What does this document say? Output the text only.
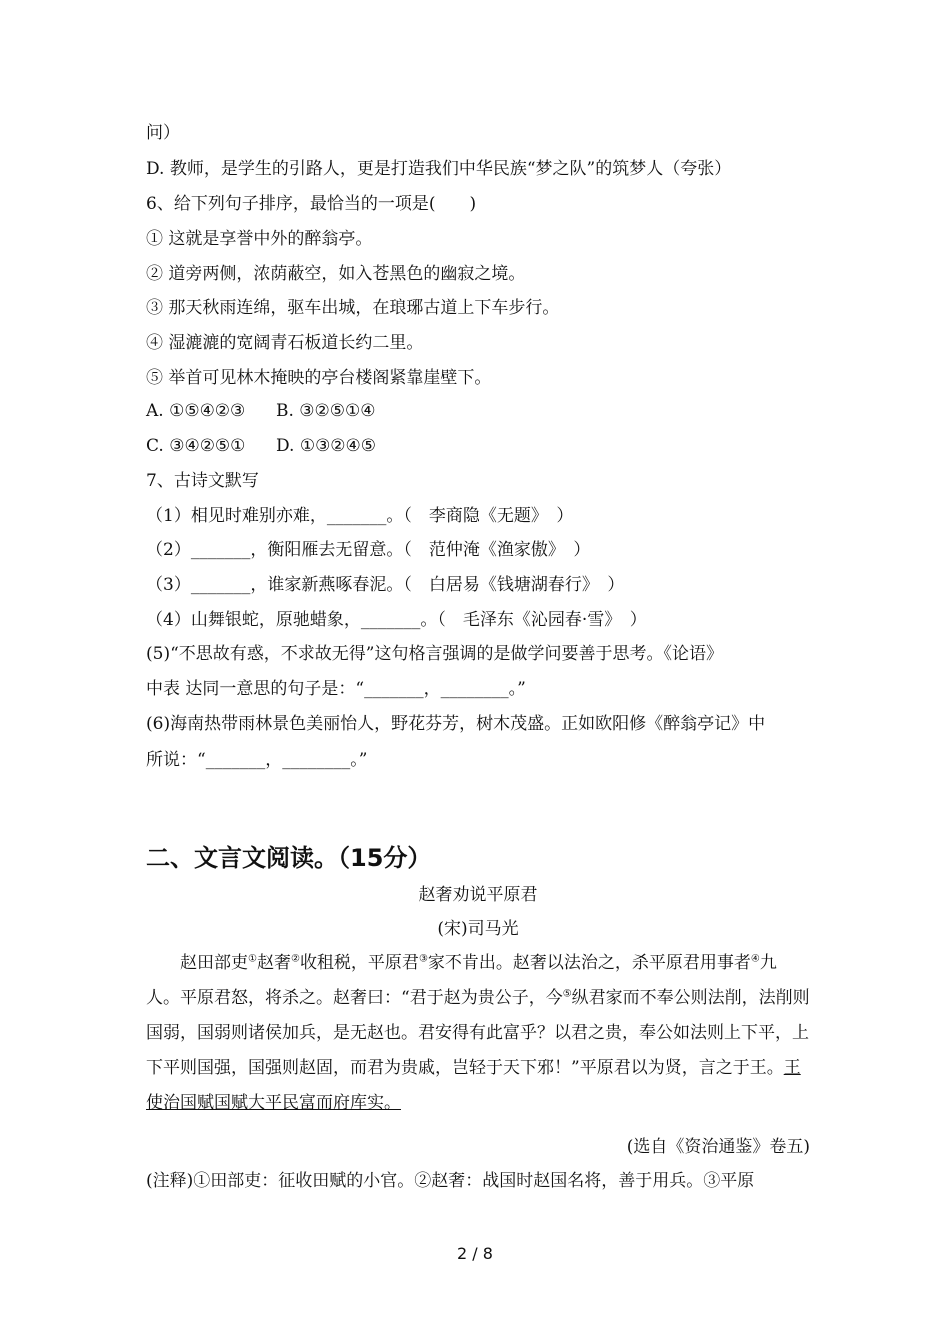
问）
D. 教师，是学生的引路人，更是打造我们中华民族“梦之队”的筑梦人（夸张）
6、给下列句子排序，最恰当的一项是(　　)
① 这就是享誉中外的醉翁亭。
② 道旁两侧，浓荫蔽空，如入苍黑色的幽寂之境。
③ 那天秋雨连绵，驱车出城，在琅琊古道上下车步行。
④ 湿漉漉的宽阔青石板道长约二里。
⑤ 举首可见林木掩映的亭台楼阁紧靠崖壁下。
A. ①⑤④②③ B. ③②⑤①④
C. ③④②⑤① D. ①③②④⑤
7、古诗文默写
（1）相见时难别亦难，_______。（　李商隐《无题》　）
（2）_______，衡阳雁去无留意。（　范仲淹《渔家傲》　）
（3）_______，谁家新燕啄春泥。（　白居易《钱塘湖春行》　）
（4）山舞银蛇，原驰蜡象，_______。（　毛泽东《沁园春·雪》　）
(5)“不思故有惑，不求故无得”这句格言强调的是做学问要善于思考。《论语》
中表 达同一意思的句子是：“_______，________。”
(6)海南热带雨林景色美丽怡人，野花芬芳，树木茂盛。正如欧阳修《醉翁亭记》中
所说：“_______，________。”
二、文言文阅读。（15分）
赵奢劝说平原君
(宋)司马光
赵田部吏①赵奢②收租税，平原君③家不肯出。赵奢以法治之，杀平原君用事者④九人。平原君怒，将杀之。赵奢曰：“君于赵为贵公子，今⑤纵君家而不奉公则法削，法削则国弱，国弱则诸侯加兵，是无赵也。君安得有此富乎？以君之贵，奉公如法则上下平，上下平则国强，国强则赵固，而君为贵戚，岂轻于天下邪！”平原君以为贤，言之于王。王使治国赋国赋大平民富而府库实。
(选自《资治通鉴》卷五)
(注释)①田部吏：征收田赋的小官。②赵奢：战国时赵国名将，善于用兵。③平原
2 / 8
